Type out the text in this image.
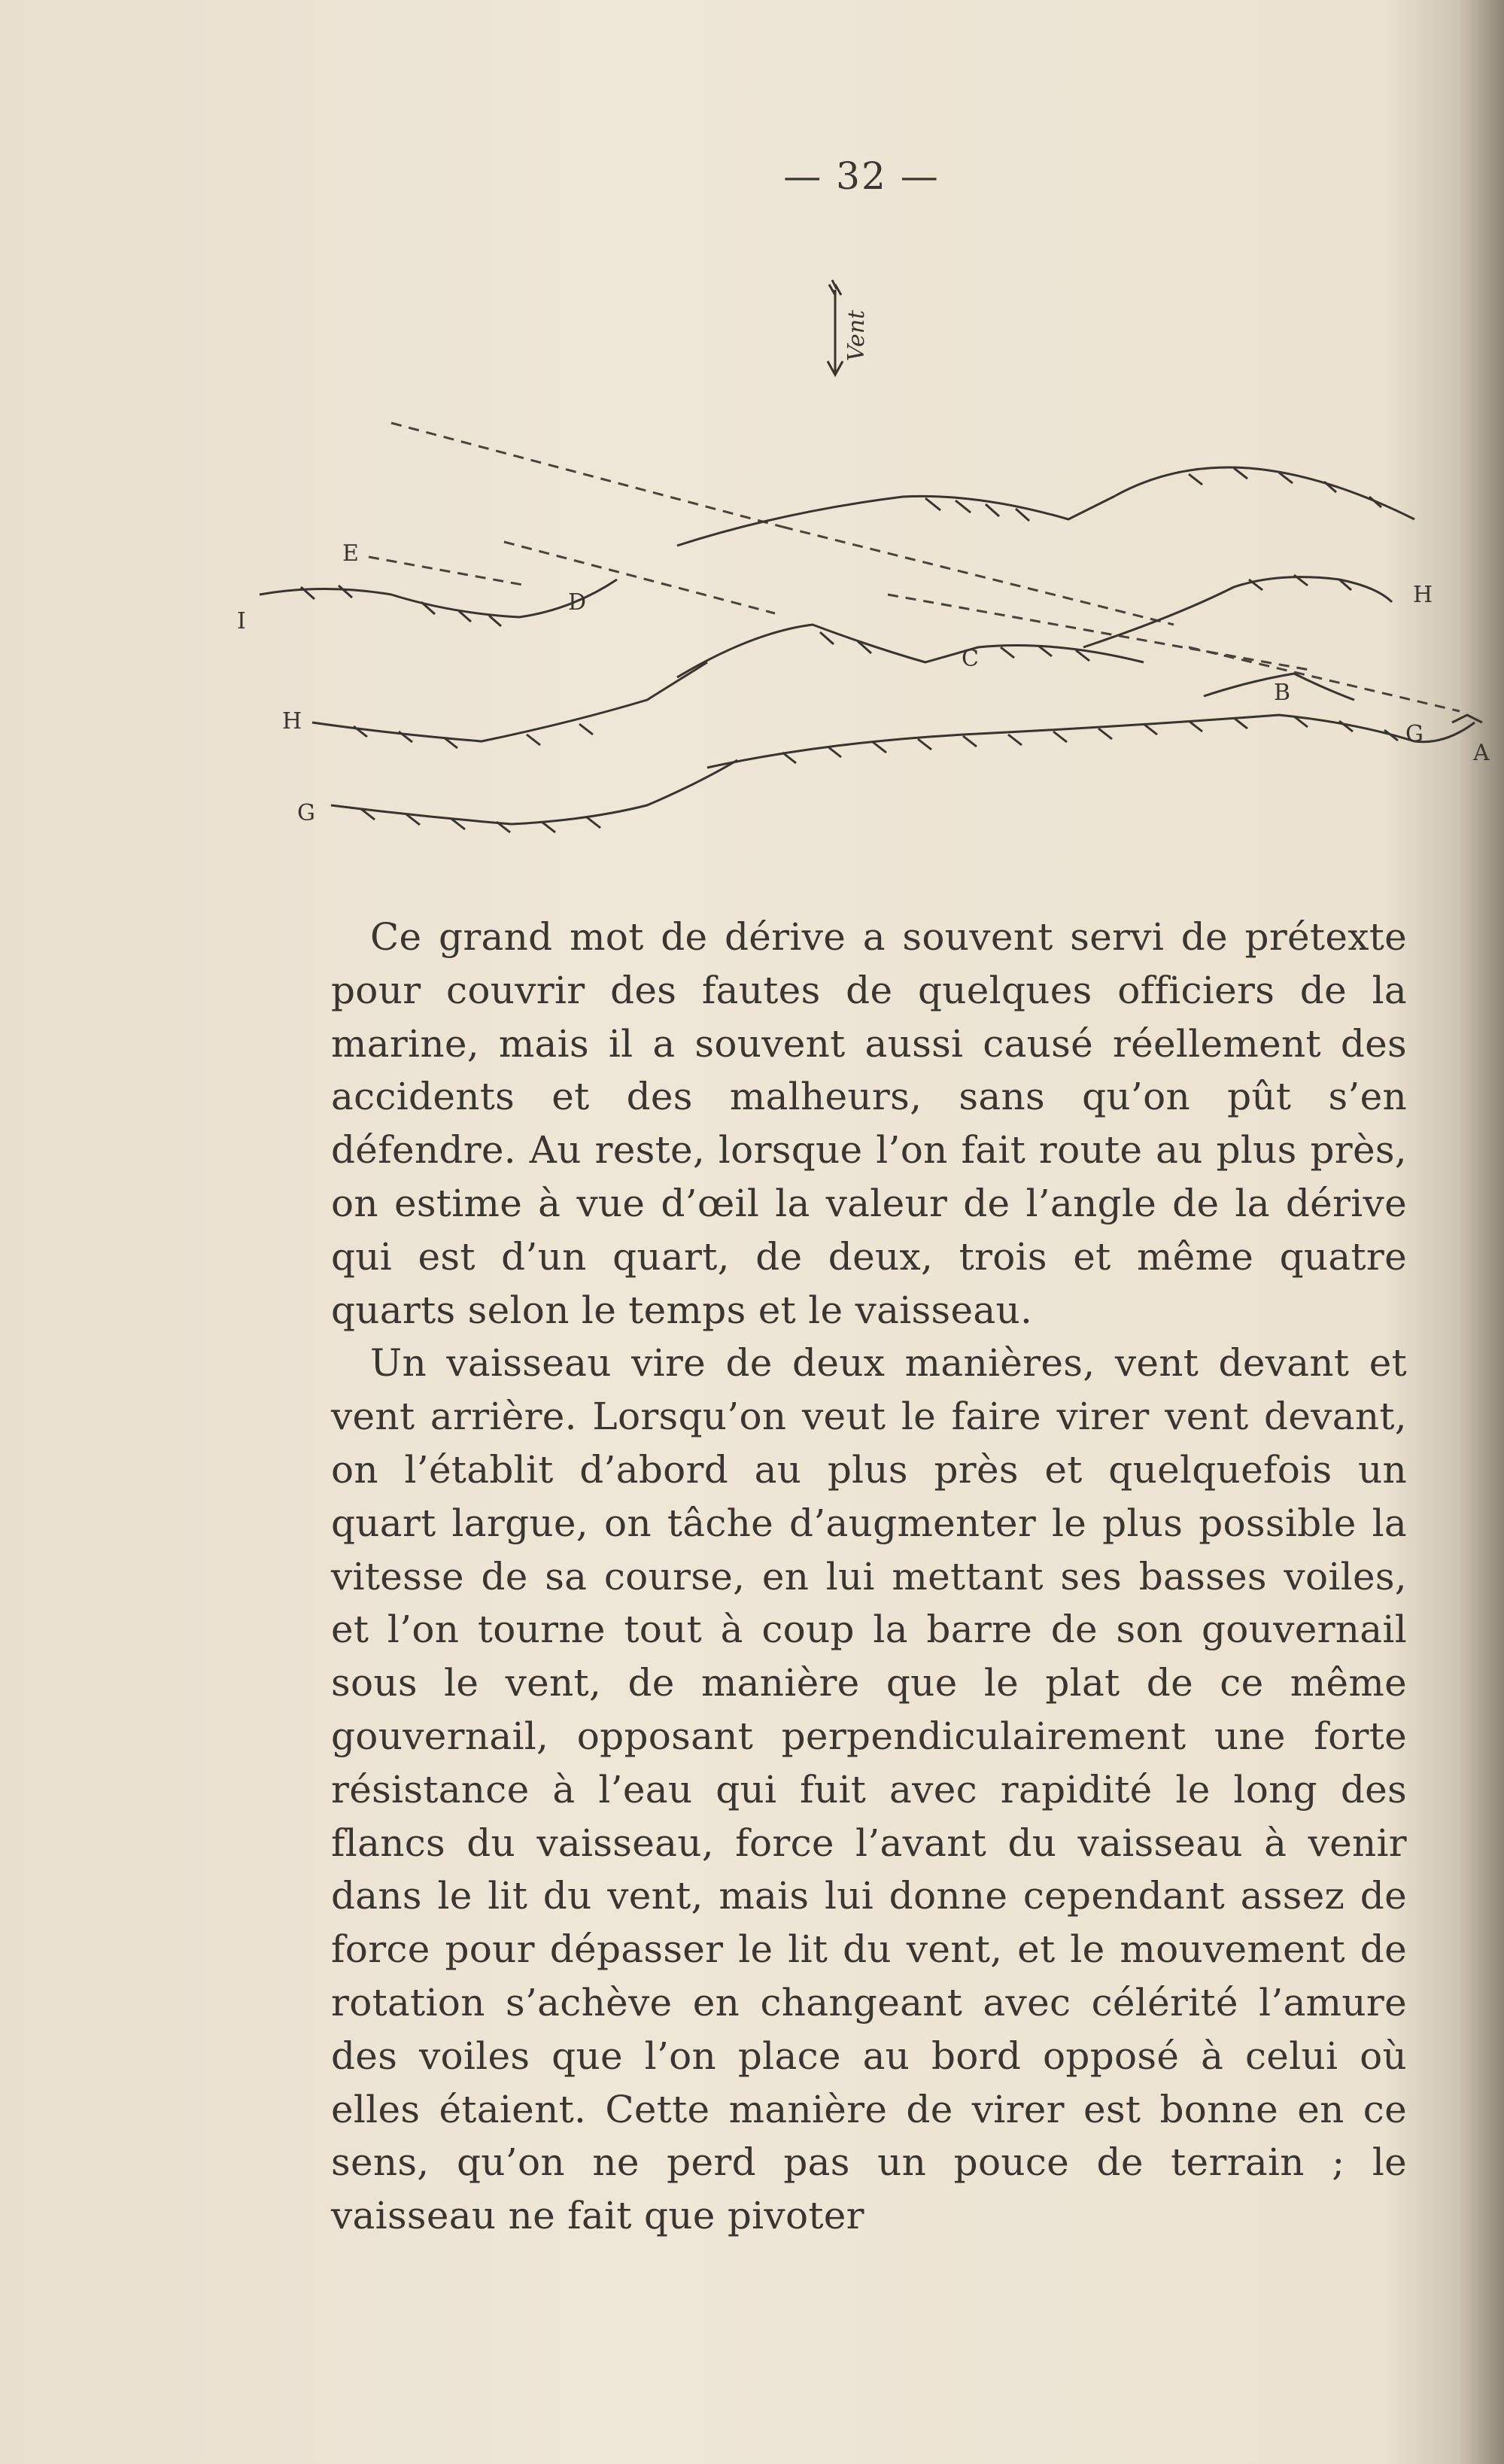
— 32 —
Vent
E
I
D
H
G
C
B
H
G
A

Ce grand mot de dérive a souvent servi de prétexte pour couvrir des fautes de quelques officiers de la marine, mais il a souvent aussi causé réellement des accidents et des malheurs, sans qu’on pût s’en défendre. Au reste, lorsque l’on fait route au plus près, on estime à vue d’œil la valeur de l’angle de la dérive qui est d’un quart, de deux, trois et même quatre quarts selon le temps et le vaisseau.

Un vaisseau vire de deux manières, vent devant et vent arrière. Lorsqu’on veut le faire virer vent devant, on l’établit d’abord au plus près et quelquefois un quart largue, on tâche d’augmenter le plus possible la vitesse de sa course, en lui mettant ses basses voiles, et l’on tourne tout à coup la barre de son gouvernail sous le vent, de manière que le plat de ce même gouvernail, opposant perpendiculairement une forte résistance à l’eau qui fuit avec rapidité le long des flancs du vaisseau, force l’avant du vaisseau à venir dans le lit du vent, mais lui donne cependant assez de force pour dépasser le lit du vent, et le mouvement de rotation s’achève en changeant avec célérité l’amure des voiles que l’on place au bord opposé à celui où elles étaient. Cette manière de virer est bonne en ce sens, qu’on ne perd pas un pouce de terrain ; le vaisseau ne fait que pivoter
